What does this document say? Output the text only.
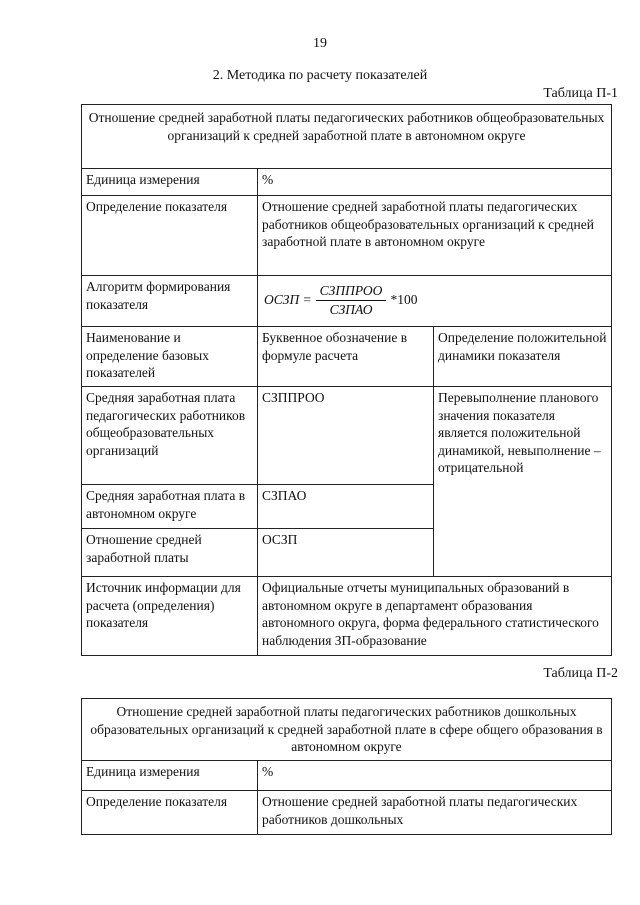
19
2. Методика по расчету показателей
Таблица П-1
Отношение средней заработной платы педагогических работников общеобразовательных организаций к средней заработной плате в автономном округе		
Единица измерения	%	
Определение показателя	Отношение средней заработной платы педагогических работников общеобразовательных организаций к средней заработной плате в автономном округе	
Алгоритм формирования показателя	ОСЗП = $\frac{\text{СЗППРОО}}{\text{СЗПАО}} *100$	

Наименование и определение базовых показателей	Буквенное обозначение в формуле расчета	Определение положительной динамики показателя
Средняя заработная плата педагогических работников общеобразовательных организаций	СЗППРОО	Перевыполнение планового значения показателя является положительной динамикой, невыполнение – отрицательной
Средняя заработная плата в автономном округе	СЗПАО	
Отношение средней заработной платы	ОСЗП	
Источник информации для расчета (определения) показателя	Официальные отчеты муниципальных образований в автономном округе в департамент образования автономного округа, форма федерального статистического наблюдения ЗП-образование	
Таблица П-2
Отношение средней заработной платы педагогических работников дошкольных образовательных организаций к средней заработной плате в сфере общего образования в автономном округе	
Единица измерения	%
Определение показателя	Отношение средней заработной платы педагогических работников дошкольных
